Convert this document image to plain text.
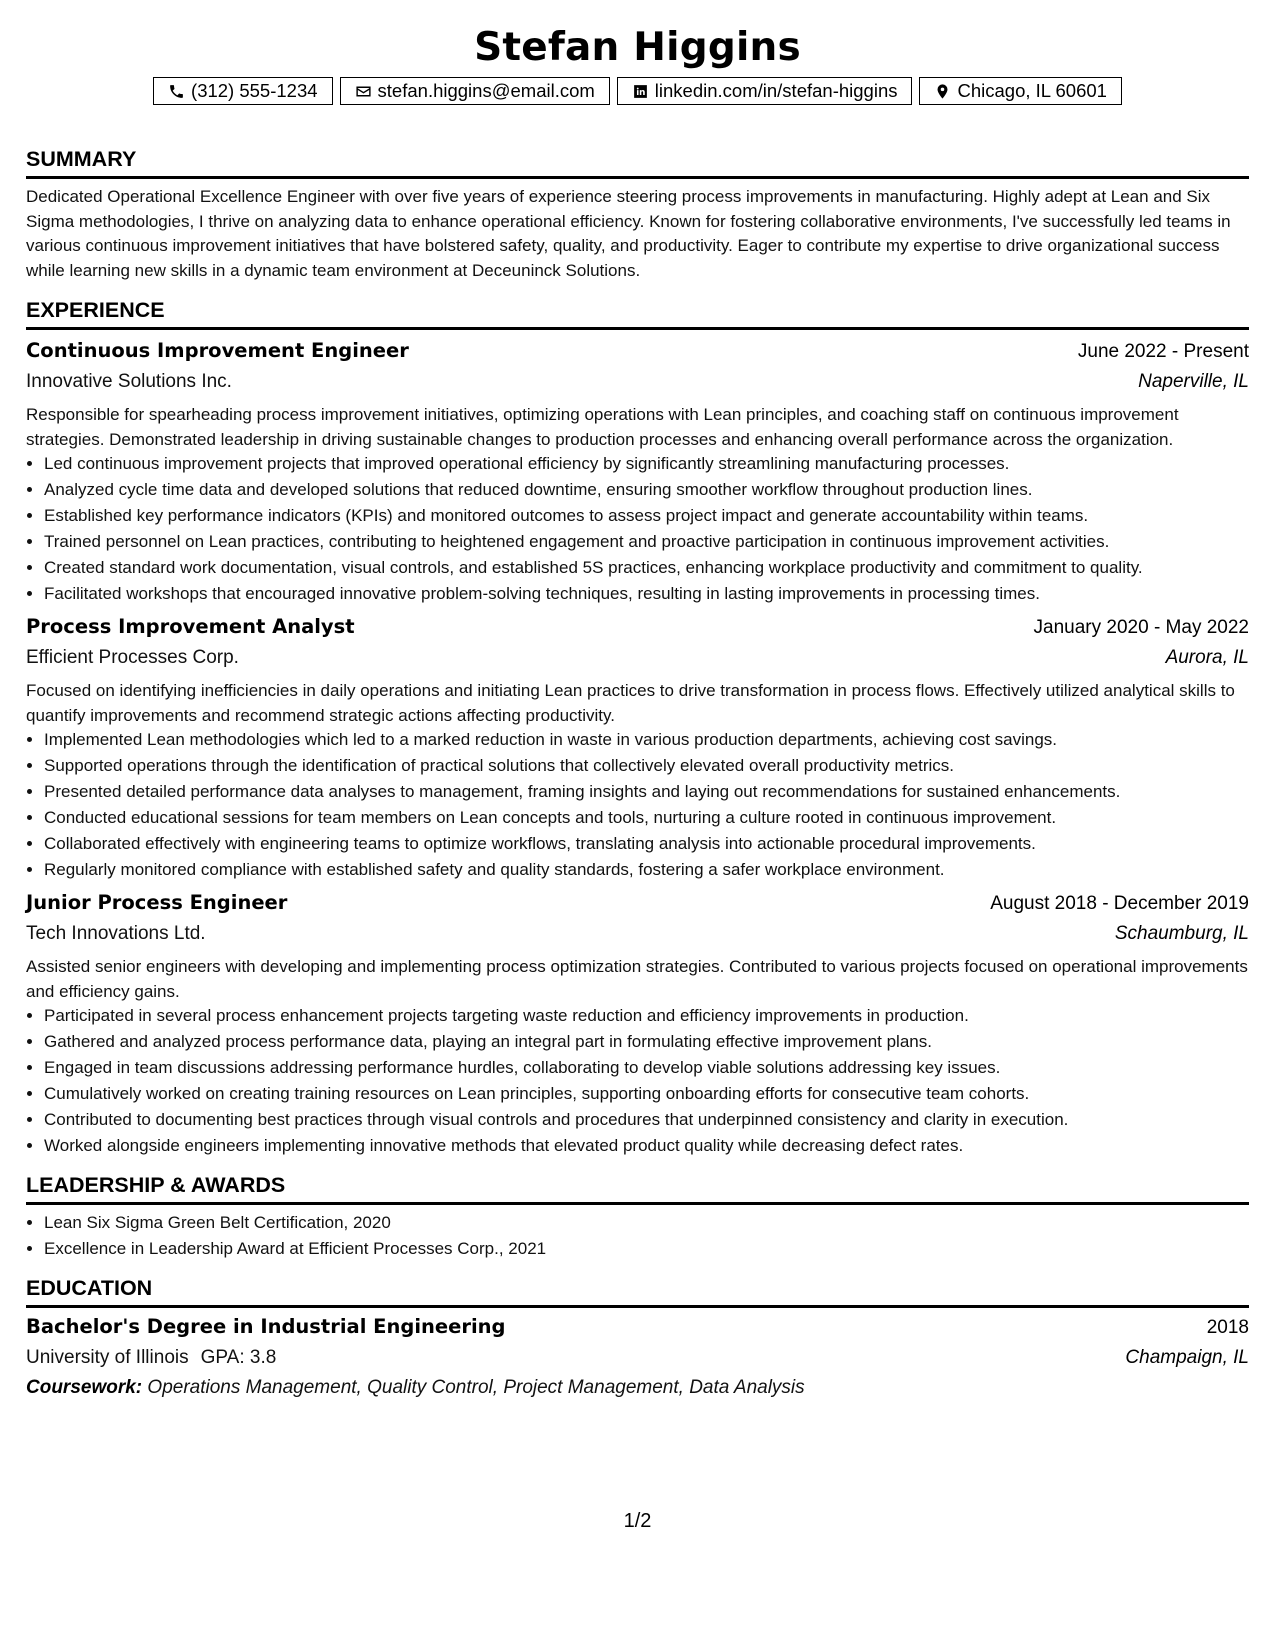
Stefan Higgins
(312) 555-1234	stefan.higgins@email.com	linkedin.com/in/stefan-higgins	Chicago, IL 60601
SUMMARY

Dedicated Operational Excellence Engineer with over five years of experience steering process improvements in manufacturing. Highly adept at Lean and Six Sigma methodologies, I thrive on analyzing data to enhance operational efficiency. Known for fostering collaborative environments, I've successfully led teams in various continuous improvement initiatives that have bolstered safety, quality, and productivity. Eager to contribute my expertise to drive organizational success while learning new skills in a dynamic team environment at Deceuninck Solutions.

EXPERIENCE
Continuous Improvement Engineer	June 2022 - Present
Innovative Solutions Inc.	Naperville, IL

Responsible for spearheading process improvement initiatives, optimizing operations with Lean principles, and coaching staff on continuous improvement strategies. Demonstrated leadership in driving sustainable changes to production processes and enhancing overall performance across the organization.

• Led continuous improvement projects that improved operational efficiency by significantly streamlining manufacturing processes.
• Analyzed cycle time data and developed solutions that reduced downtime, ensuring smoother workflow throughout production lines.
• Established key performance indicators (KPIs) and monitored outcomes to assess project impact and generate accountability within teams.
• Trained personnel on Lean practices, contributing to heightened engagement and proactive participation in continuous improvement activities.
• Created standard work documentation, visual controls, and established 5S practices, enhancing workplace productivity and commitment to quality.
• Facilitated workshops that encouraged innovative problem-solving techniques, resulting in lasting improvements in processing times.
Process Improvement Analyst	January 2020 - May 2022
Efficient Processes Corp.	Aurora, IL

Focused on identifying inefficiencies in daily operations and initiating Lean practices to drive transformation in process flows. Effectively utilized analytical skills to quantify improvements and recommend strategic actions affecting productivity.

• Implemented Lean methodologies which led to a marked reduction in waste in various production departments, achieving cost savings.
• Supported operations through the identification of practical solutions that collectively elevated overall productivity metrics.
• Presented detailed performance data analyses to management, framing insights and laying out recommendations for sustained enhancements.
• Conducted educational sessions for team members on Lean concepts and tools, nurturing a culture rooted in continuous improvement.
• Collaborated effectively with engineering teams to optimize workflows, translating analysis into actionable procedural improvements.
• Regularly monitored compliance with established safety and quality standards, fostering a safer workplace environment.
Junior Process Engineer	August 2018 - December 2019
Tech Innovations Ltd.	Schaumburg, IL

Assisted senior engineers with developing and implementing process optimization strategies. Contributed to various projects focused on operational improvements and efficiency gains.

• Participated in several process enhancement projects targeting waste reduction and efficiency improvements in production.
• Gathered and analyzed process performance data, playing an integral part in formulating effective improvement plans.
• Engaged in team discussions addressing performance hurdles, collaborating to develop viable solutions addressing key issues.
• Cumulatively worked on creating training resources on Lean principles, supporting onboarding efforts for consecutive team cohorts.
• Contributed to documenting best practices through visual controls and procedures that underpinned consistency and clarity in execution.
• Worked alongside engineers implementing innovative methods that elevated product quality while decreasing defect rates.
LEADERSHIP & AWARDS
• Lean Six Sigma Green Belt Certification, 2020
• Excellence in Leadership Award at Efficient Processes Corp., 2021
EDUCATION
Bachelor's Degree in Industrial Engineering	2018
University of Illinois GPA: 3.8	Champaign, IL
Coursework: Operations Management, Quality Control, Project Management, Data Analysis
1/2
